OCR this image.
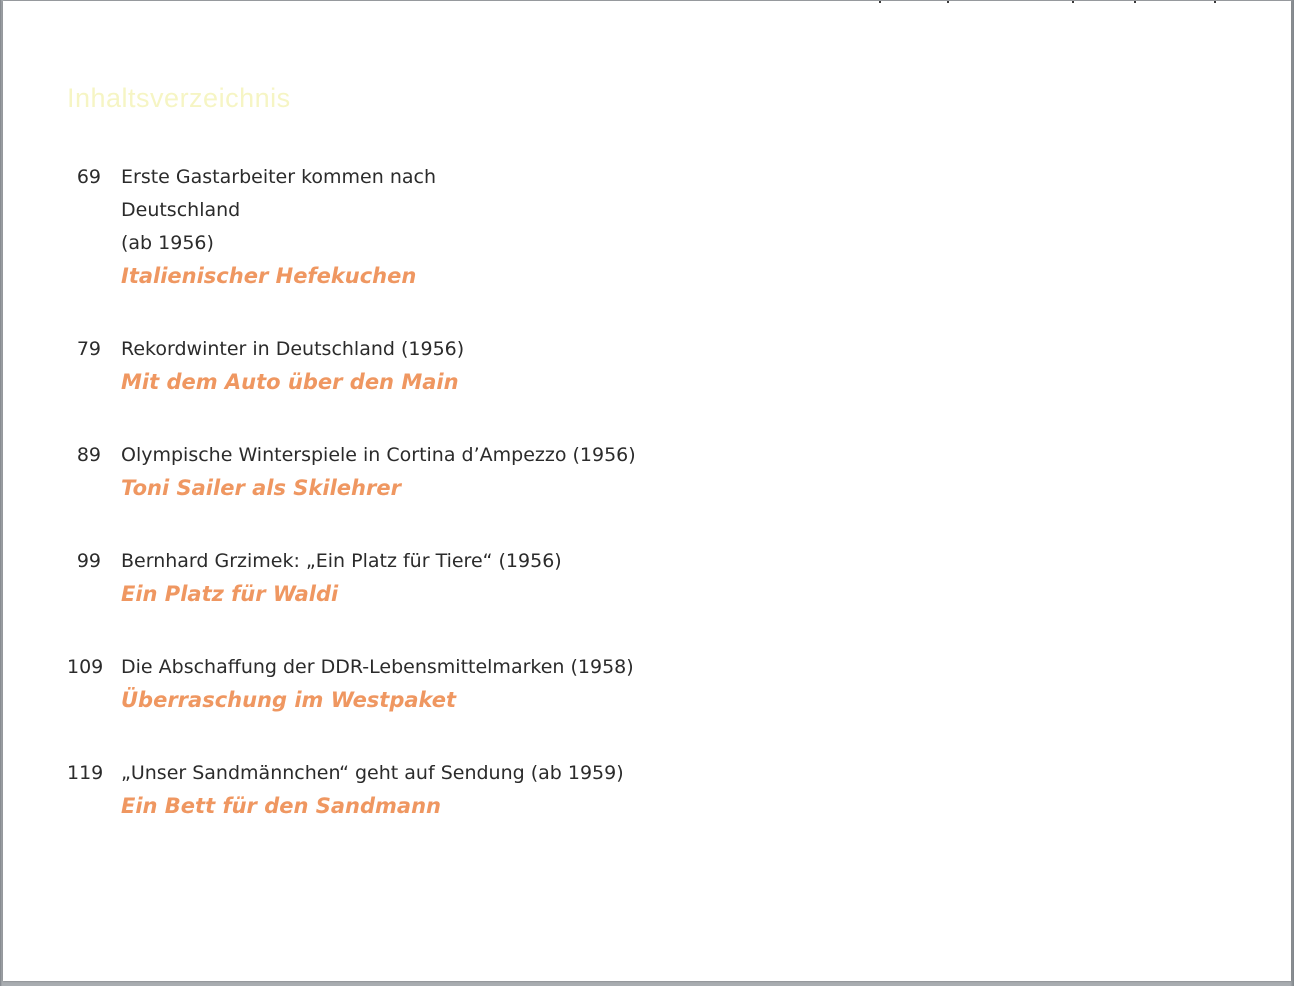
Inhaltsverzeichnis
69 Erste Gastarbeiter kommen nach Deutschland
(ab 1956)
Italienischer Hefekuchen
79 Rekordwinter in Deutschland (1956)
Mit dem Auto über den Main
89 Olympische Winterspiele in Cortina d’Ampezzo (1956)
Toni Sailer als Skilehrer
99 Bernhard Grzimek: „Ein Platz für Tiere“ (1956)
Ein Platz für Waldi
109 Die Abschaffung der DDR-Lebensmittelmarken (1958)
Überraschung im Westpaket
119 „Unser Sandmännchen“ geht auf Sendung (ab 1959)
Ein Bett für den Sandmann
